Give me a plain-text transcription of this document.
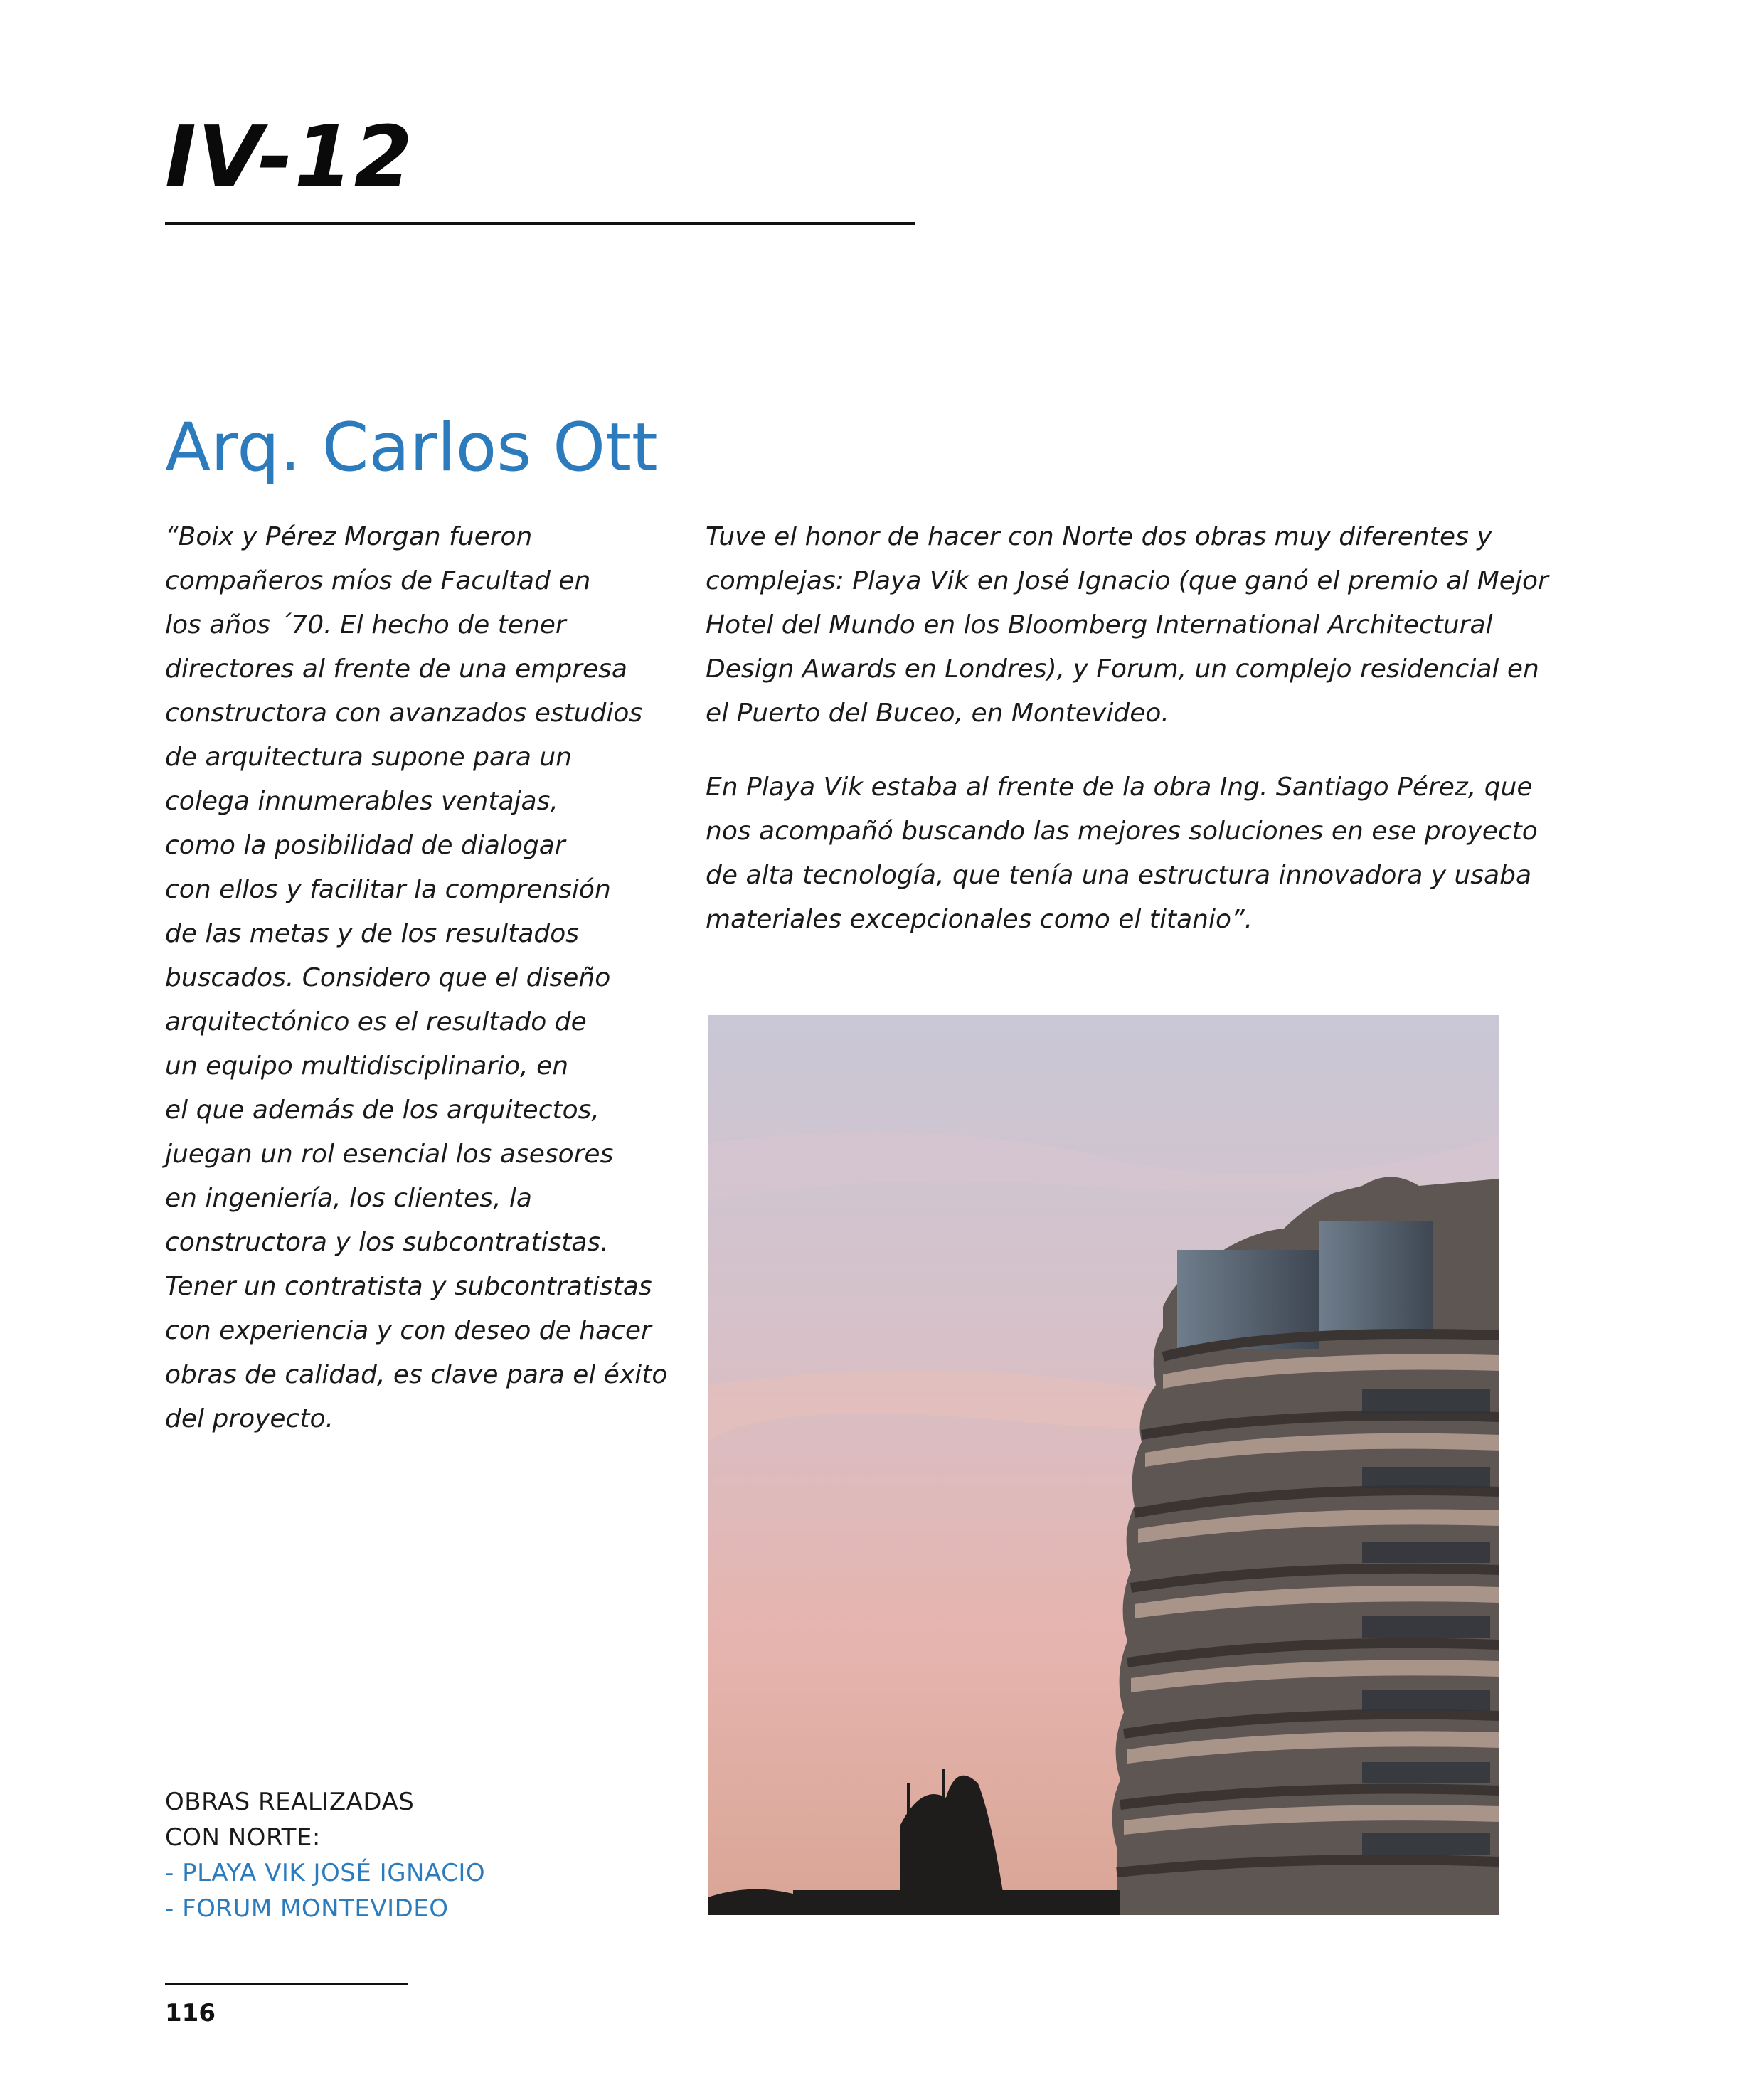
IV-12
Arq. Carlos Ott
“Boix y Pérez Morgan fueron
compañeros míos de Facultad en
los años ´70. El hecho de tener
directores al frente de una empresa
constructora con avanzados estudios
de arquitectura supone para un
colega innumerables ventajas,
como la posibilidad de dialogar
con ellos y facilitar la comprensión
de las metas y de los resultados
buscados. Considero que el diseño
arquitectónico es el resultado de
un equipo multidisciplinario, en
el que además de los arquitectos,
juegan un rol esencial los asesores
en ingeniería, los clientes, la
constructora y los subcontratistas.
Tener un contratista y subcontratistas
con experiencia y con deseo de hacer
obras de calidad, es clave para el éxito
del proyecto.

Tuve el honor de hacer con Norte dos obras muy diferentes y
complejas: Playa Vik en José Ignacio (que ganó el premio al Mejor
Hotel del Mundo en los Bloomberg International Architectural
Design Awards en Londres), y Forum, un complejo residencial en
el Puerto del Buceo, en Montevideo.

En Playa Vik estaba al frente de la obra Ing. Santiago Pérez, que
nos acompañó buscando las mejores soluciones en ese proyecto
de alta tecnología, que tenía una estructura innovadora y usaba
materiales excepcionales como el titanio”.

OBRAS REALIZADAS
CON NORTE:
- PLAYA VIK JOSÉ IGNACIO
- FORUM MONTEVIDEO
116
